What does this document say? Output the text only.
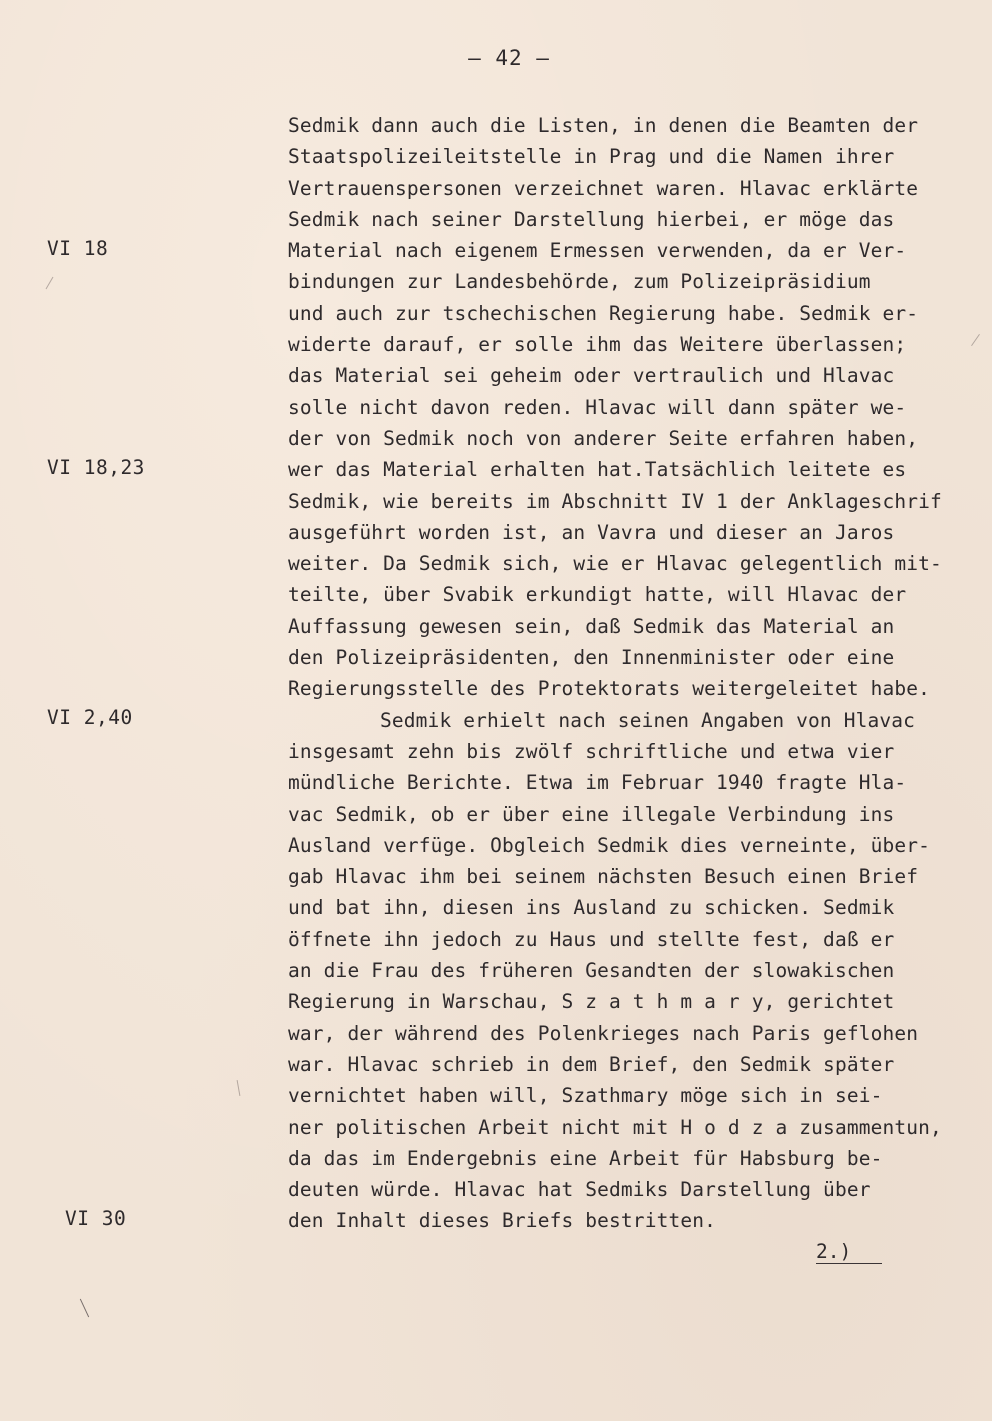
— 42 —
VI 18
VI 18,23
VI 2,40
VI 30
Sedmik dann auch die Listen, in denen die Beamten der
Staatspolizeileitstelle in Prag und die Namen ihrer
Vertrauenspersonen verzeichnet waren. Hlavac erklärte
Sedmik nach seiner Darstellung hierbei, er möge das
Material nach eigenem Ermessen verwenden, da er Ver-
bindungen zur Landesbehörde, zum Polizeipräsidium
und auch zur tschechischen Regierung habe. Sedmik er-
widerte darauf, er solle ihm das Weitere überlassen;
das Material sei geheim oder vertraulich und Hlavac
solle nicht davon reden. Hlavac will dann später we-
der von Sedmik noch von anderer Seite erfahren haben,
wer das Material erhalten hat.Tatsächlich leitete es
Sedmik, wie bereits im Abschnitt IV 1 der Anklageschrif
ausgeführt worden ist, an Vavra und dieser an Jaros
weiter. Da Sedmik sich, wie er Hlavac gelegentlich mit-
teilte, über Svabik erkundigt hatte, will Hlavac der
Auffassung gewesen sein, daß Sedmik das Material an
den Polizeipräsidenten, den Innenminister oder eine
Regierungsstelle des Protektorats weitergeleitet habe.
Sedmik erhielt nach seinen Angaben von Hlavac
insgesamt zehn bis zwölf schriftliche und etwa vier
mündliche Berichte. Etwa im Februar 1940 fragte Hla-
vac Sedmik, ob er über eine illegale Verbindung ins
Ausland verfüge. Obgleich Sedmik dies verneinte, über-
gab Hlavac ihm bei seinem nächsten Besuch einen Brief
und bat ihn, diesen ins Ausland zu schicken. Sedmik
öffnete ihn jedoch zu Haus und stellte fest, daß er
an die Frau des früheren Gesandten der slowakischen
Regierung in Warschau, S z a t h m a r y, gerichtet
war, der während des Polenkrieges nach Paris geflohen
war. Hlavac schrieb in dem Brief, den Sedmik später
vernichtet haben will, Szathmary möge sich in sei-
ner politischen Arbeit nicht mit H o d z a zusammentun,
da das im Endergebnis eine Arbeit für Habsburg be-
deuten würde. Hlavac hat Sedmiks Darstellung über
den Inhalt dieses Briefs bestritten.
2.)
